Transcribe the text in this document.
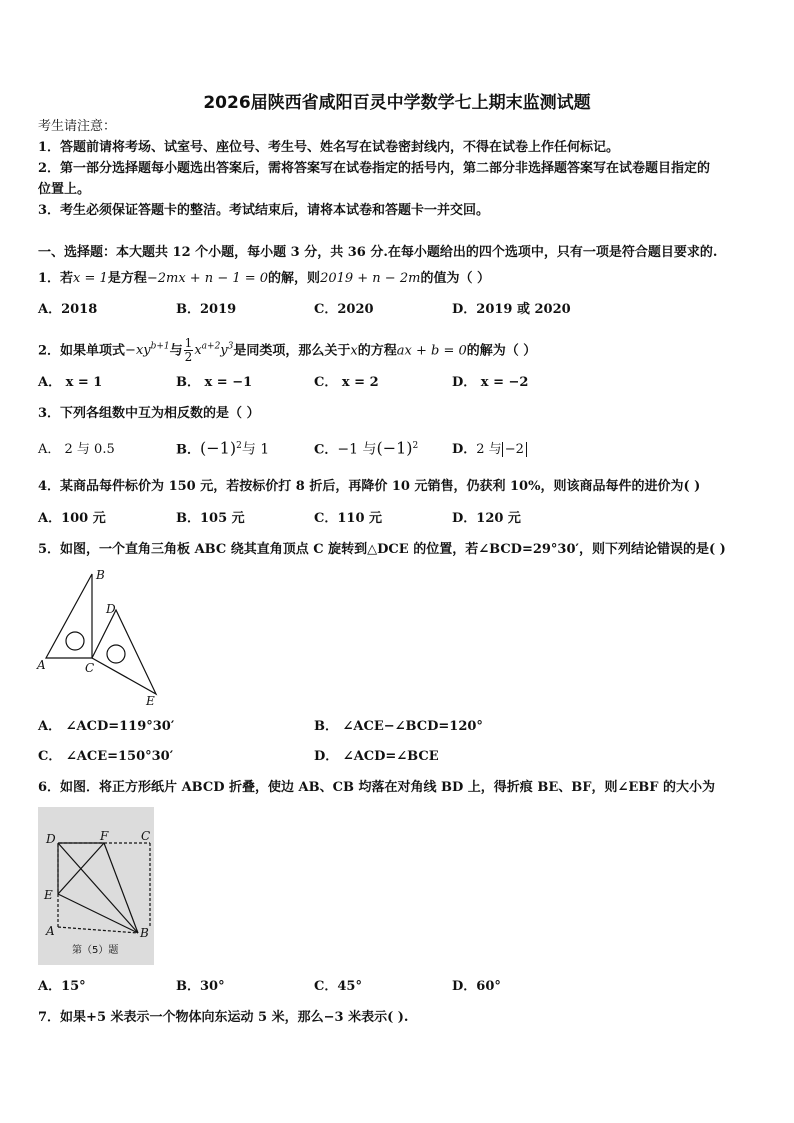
2026届陕西省咸阳百灵中学数学七上期末监测试题
考生请注意：
1．答题前请将考场、试室号、座位号、考生号、姓名写在试卷密封线内，不得在试卷上作任何标记。
2．第一部分选择题每小题选出答案后，需将答案写在试卷指定的括号内，第二部分非选择题答案写在试卷题目指定的
位置上。
3．考生必须保证答题卡的整洁。考试结束后，请将本试卷和答题卡一并交回。
一、选择题：本大题共 12 个小题，每小题 3 分，共 36 分.在每小题给出的四个选项中，只有一项是符合题目要求的.
1．若x = 1是方程−2mx + n − 1 = 0的解，则2019 + n − 2m的值为（ ）
A．2018	B．2019	C．2020	D．2019 或 2020
2．如果单项式$-xy^{b+1}$与 $\frac{1}{2} x^{a+2}y^3$是同类项，那么关于x的方程ax + b = 0的解为（ ）
A． x = 1	B． x = −1	C． x = 2	D． x = −2
3．下列各组数中互为相反数的是（ ）
A． 2 与 0.5	B．$(-1)^2$与 1	C．−1 与$(-1)^2$	D．2 与 −2
4．某商品每件标价为 150 元，若按标价打 8 折后，再降价 10 元销售，仍获利 10%，则该商品每件的进价为( )
A．100 元	B．105 元	C．110 元	D．120 元
5．如图，一个直角三角板 ABC 绕其直角顶点 C 旋转到△DCE 的位置，若∠BCD=29°30′，则下列结论错误的是( )
A
B
C
D
E
A． ∠ACD=119°30′	B． ∠ACE−∠BCD=120°
C． ∠ACE=150°30′	D． ∠ACD=∠BCE
6．如图．将正方形纸片 ABCD 折叠，使边 AB、CB 均落在对角线 BD 上，得折痕 BE、BF，则∠EBF 的大小为
D	F	C
E
A	B
第（5）题
A．15°	B．30°	C．45°	D．60°
7．如果+5 米表示一个物体向东运动 5 米，那么−3 米表示( ).
